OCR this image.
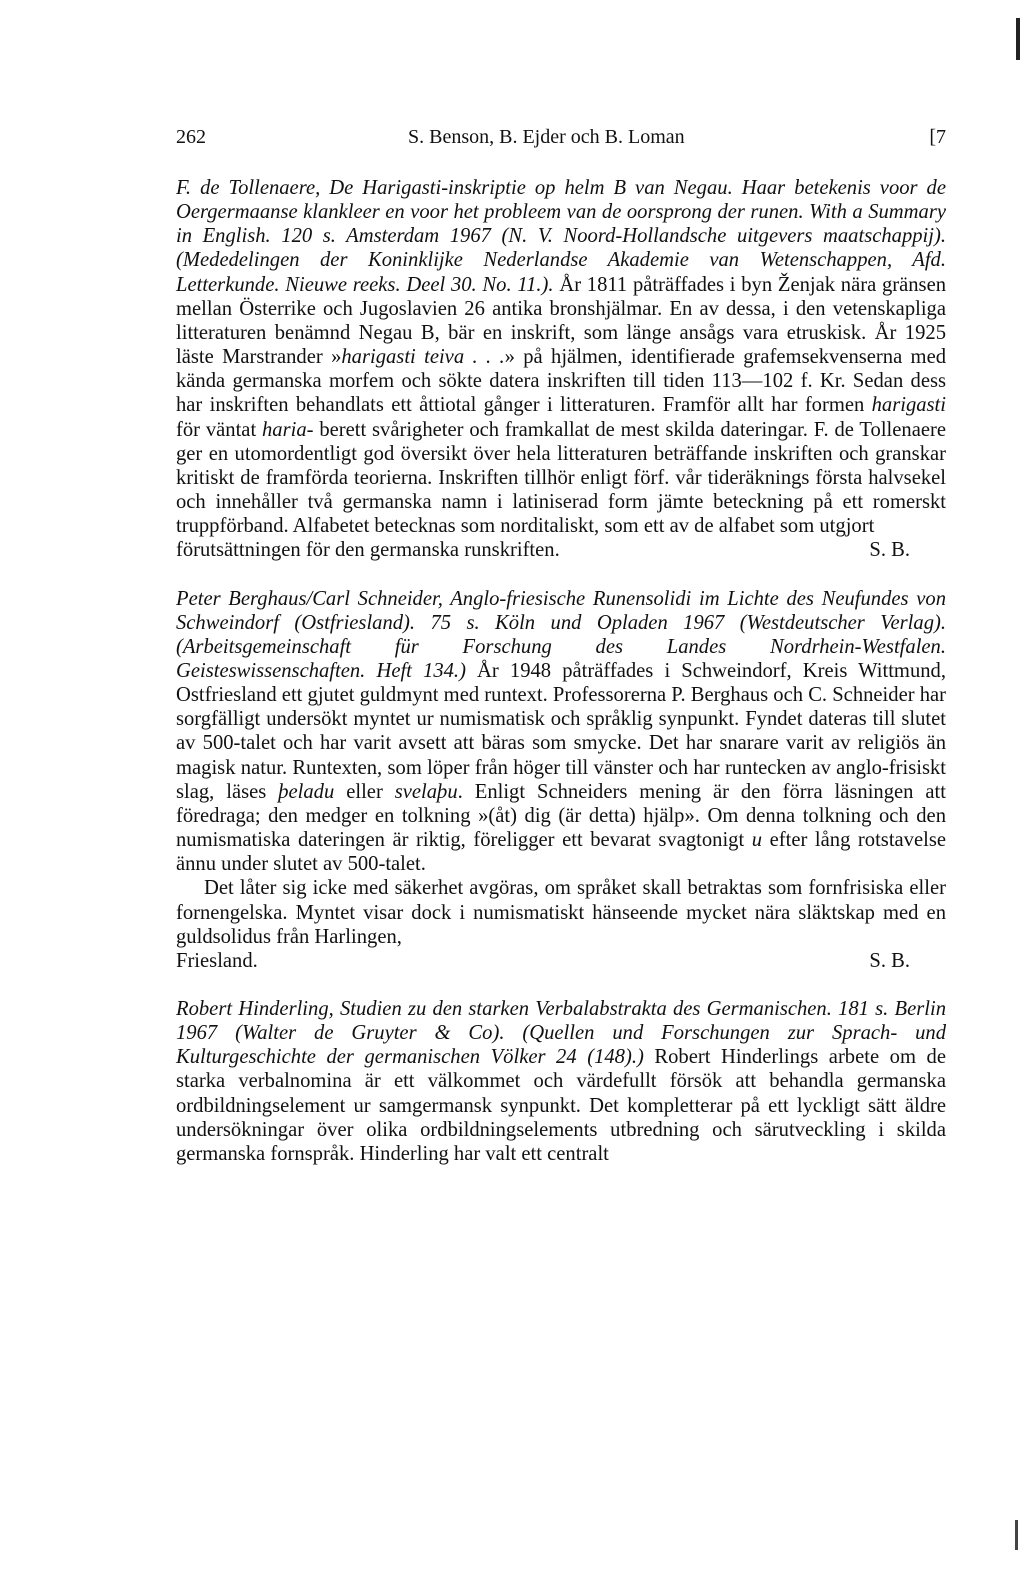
262	S. Benson, B. Ejder och B. Loman	[7

F. de Tollenaere, De Harigasti-inskriptie op helm B van Negau. Haar betekenis voor de Oergermaanse klankleer en voor het probleem van de oorsprong der runen. With a Summary in English. 120 s. Amsterdam 1967 (N. V. Noord-Hollandsche uitgevers maatschappij). (Mededelingen der Koninklijke Nederlandse Akademie van Wetenschappen, Afd. Letterkunde. Nieuwe reeks. Deel 30. No. 11.). År 1811 påträffades i byn Ženjak nära gränsen mellan Österrike och Jugoslavien 26 antika bronshjälmar. En av dessa, i den vetenskapliga litteraturen benämnd Negau B, bär en inskrift, som länge ansågs vara etruskisk. År 1925 läste Marstrander »harigasti teiva . . .» på hjälmen, identifierade grafemsekvenserna med kända germanska morfem och sökte datera inskriften till tiden 113—102 f. Kr. Sedan dess har inskriften behandlats ett åttiotal gånger i litteraturen. Framför allt har formen harigasti för väntat haria- berett svårigheter och framkallat de mest skilda dateringar. F. de Tollenaere ger en utomordentligt god översikt över hela litteraturen beträffande inskriften och granskar kritiskt de framförda teorierna. Inskriften tillhör enligt förf. vår tideräknings första halvsekel och innehåller två germanska namn i latiniserad form jämte beteckning på ett romerskt truppförband. Alfabetet betecknas som norditaliskt, som ett av de alfabet som utgjort

förutsättningen för den germanska runskriften.	S. B.

Peter Berghaus/Carl Schneider, Anglo-friesische Runensolidi im Lichte des Neufundes von Schweindorf (Ostfriesland). 75 s. Köln und Opladen 1967 (Westdeutscher Verlag). (Arbeitsgemeinschaft für Forschung des Landes Nordrhein-Westfalen. Geisteswissenschaften. Heft 134.) År 1948 påträffades i Schweindorf, Kreis Wittmund, Ostfriesland ett gjutet guldmynt med runtext. Professorerna P. Berghaus och C. Schneider har sorgfälligt undersökt myntet ur numismatisk och språklig synpunkt. Fyndet dateras till slutet av 500-talet och har varit avsett att bäras som smycke. Det har snarare varit av religiös än magisk natur. Runtexten, som löper från höger till vänster och har runtecken av anglo-frisiskt slag, läses þeladu eller svelaþu. Enligt Schneiders mening är den förra läsningen att föredraga; den medger en tolkning »(åt) dig (är detta) hjälp». Om denna tolkning och den numismatiska dateringen är riktig, föreligger ett bevarat svagtonigt u efter lång rotstavelse ännu under slutet av 500-talet.

Det låter sig icke med säkerhet avgöras, om språket skall betraktas som fornfrisiska eller fornengelska. Myntet visar dock i numismatiskt hänseende mycket nära släktskap med en guldsolidus från Harlingen,

Friesland.	S. B.

Robert Hinderling, Studien zu den starken Verbalabstrakta des Germanischen. 181 s. Berlin 1967 (Walter de Gruyter & Co). (Quellen und Forschungen zur Sprach- und Kulturgeschichte der germanischen Völker 24 (148).) Robert Hinderlings arbete om de starka verbalnomina är ett välkommet och värdefullt försök att behandla germanska ordbildningselement ur samgermansk synpunkt. Det kompletterar på ett lyckligt sätt äldre undersökningar över olika ordbildningselements utbredning och särutveckling i skilda germanska fornspråk. Hinderling har valt ett centralt
